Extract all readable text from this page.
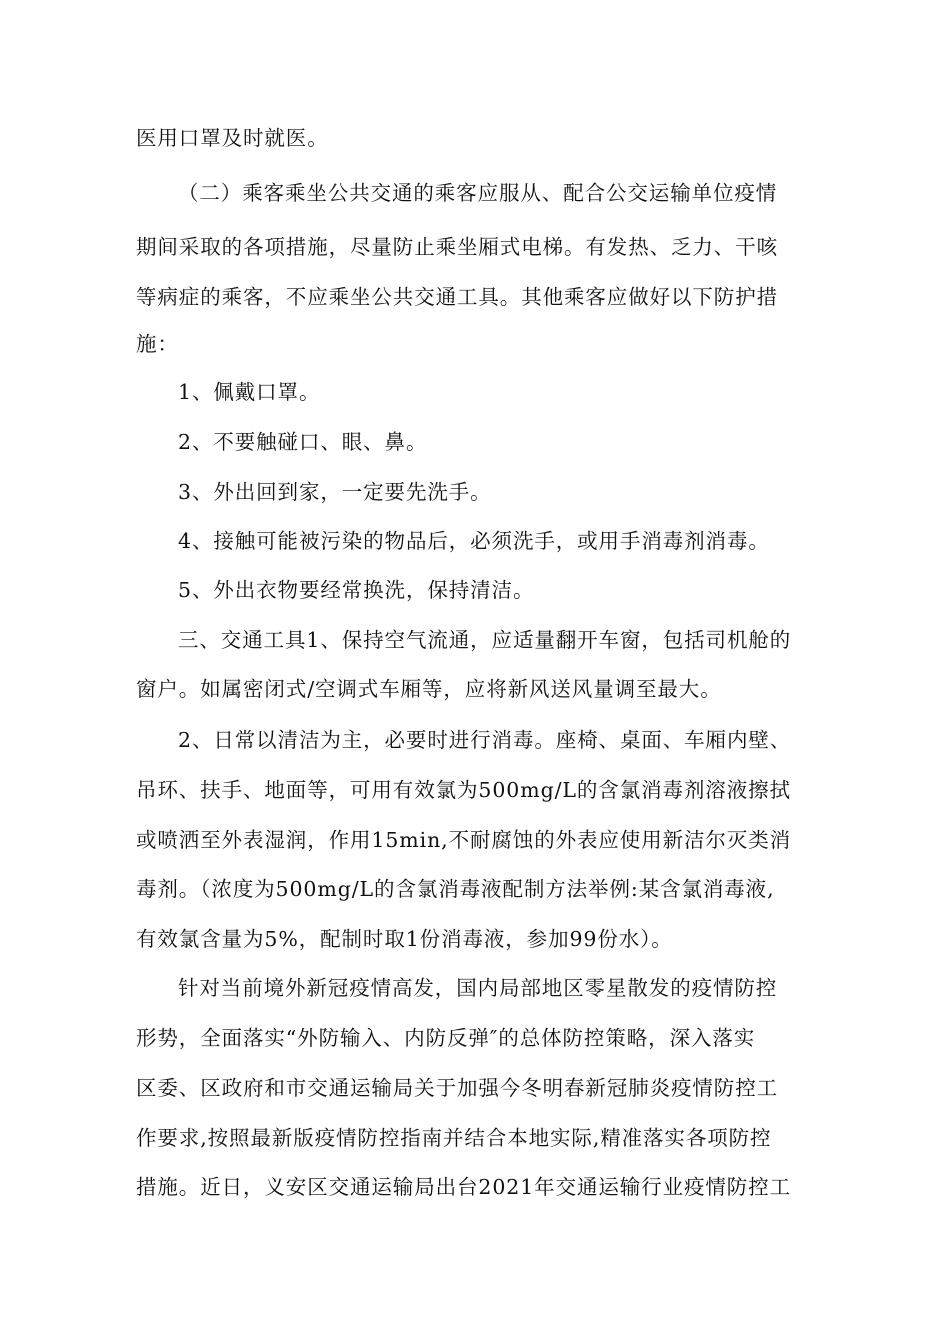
医用口罩及时就医。
（二）乘客乘坐公共交通的乘客应服从、配合公交运输单位疫情
期间采取的各项措施，尽量防止乘坐厢式电梯。有发热、乏力、干咳
等病症的乘客，不应乘坐公共交通工具。其他乘客应做好以下防护措
施：
1、佩戴口罩。
2、不要触碰口、眼、鼻。
3、外出回到家，一定要先洗手。
4、接触可能被污染的物品后，必须洗手，或用手消毒剂消毒。
5、外出衣物要经常换洗，保持清洁。
三、交通工具1、保持空气流通，应适量翻开车窗，包括司机舱的
窗户。如属密闭式/空调式车厢等，应将新风送风量调至最大。
2、日常以清洁为主，必要时进行消毒。座椅、桌面、车厢内壁、
吊环、扶手、地面等，可用有效氯为500mg/L的含氯消毒剂溶液擦拭
或喷洒至外表湿润，作用15min,不耐腐蚀的外表应使用新洁尔灭类消
毒剂。（浓度为500mg/L的含氯消毒液配制方法举例:某含氯消毒液,
有效氯含量为5%，配制时取1份消毒液，参加99份水）。
针对当前境外新冠疫情高发，国内局部地区零星散发的疫情防控
形势，全面落实“外防输入、内防反弹″的总体防控策略，深入落实
区委、区政府和市交通运输局关于加强今冬明春新冠肺炎疫情防控工
作要求,按照最新版疫情防控指南并结合本地实际,精准落实各项防控
措施。近日，义安区交通运输局出台2021年交通运输行业疫情防控工
